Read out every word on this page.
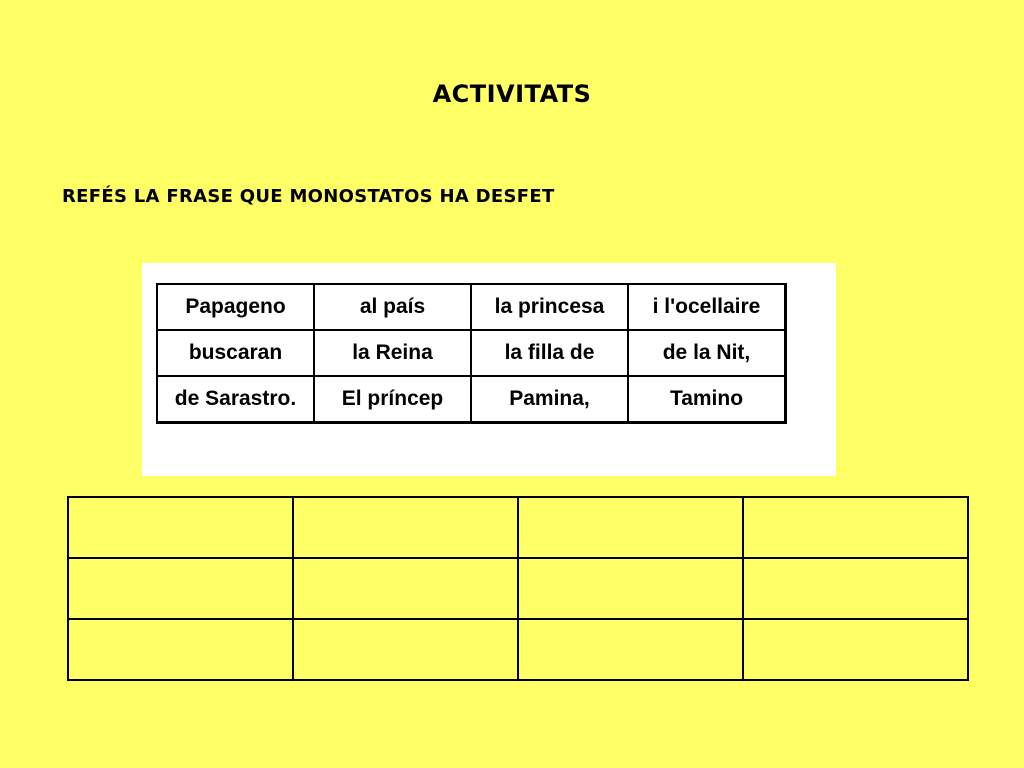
ACTIVITATS
REFÉS LA FRASE QUE MONOSTATOS HA DESFET
Papageno	al país	la princesa	i l'ocellaire
buscaran	la Reina	la filla de	de la Nit,
de Sarastro.	El príncep	Pamina,	Tamino
